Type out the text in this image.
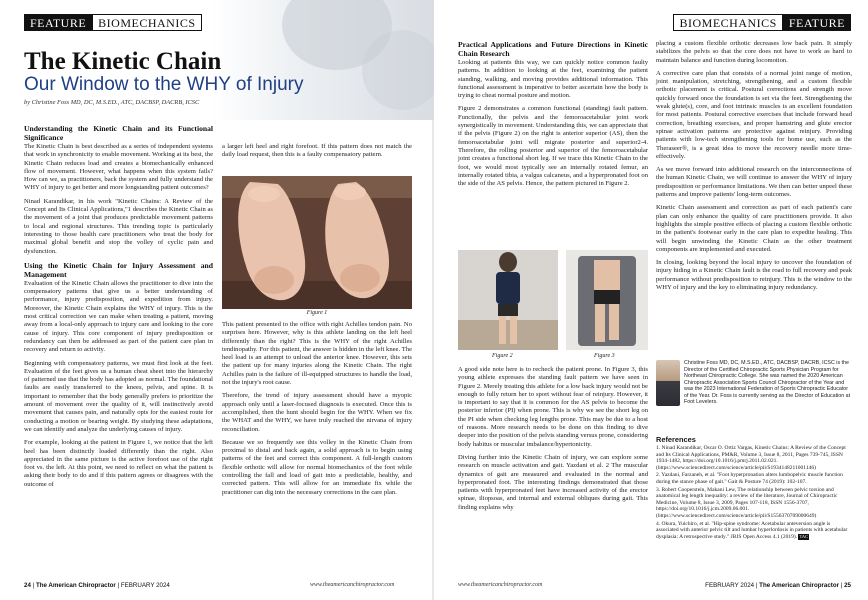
FEATURE	BIOMECHANICS
The Kinetic Chain
Our Window to the WHY of Injury
by Christine Foss MD, DC, M.S.ED., ATC, DACBSP, DACRB, ICSC
Understanding the Kinetic Chain and its Functional Significance

The Kinetic Chain is best described as a series of independent systems that work in synchronicity to enable movement. Working at its best, the Kinetic Chain reduces load and creates a biomechanically enhanced flow of movement. However, what happens when this system fails? How can we, as practitioners, back the system and fully understand the WHY of injury to get better and more longstanding patient outcomes?

Ninad Karandikar, in his work "Kinetic Chains: A Review of the Concept and Its Clinical Applications,"1 describes the Kinetic Chain as the movement of a joint that produces predictable movement patterns to local and regional structures. This trending topic is particularly interesting to those health care practitioners who treat the body for maximal global benefit and stop the volley of cyclic pain and dysfunction.

Using the Kinetic Chain for Injury Assessment and Management

Evaluation of the Kinetic Chain allows the practitioner to dive into the compensatory patterns that give us a better understanding of performance, injury predisposition, and expedition from injury. Moreover, the Kinetic Chain explains the WHY of injury. This is the most critical correction we can make when treating a patient, moving away from a local-only approach to injury care and looking to the core cause of injury. This core component of injury predisposition or redundancy can then be addressed as part of the patient care plan in recovery and return to activity.

Beginning with compensatory patterns, we must first look at the feet. Evaluation of the feet gives us a human cheat sheet into the hierarchy of patterned use that the body has adopted as normal. The foundational faults are easily transferred to the knees, pelvis, and spine. It is important to remember that the body generally prefers to prioritize the amount of movement over the quality of it, will instinctively avoid movement that causes pain, and naturally opts for the easiest route for conducting a motion or bearing weight. By studying these adaptations, we can identify and analyze the underlying causes of injury.

For example, looking at the patient in Figure 1, we notice that the left heel has been distinctly loaded differently than the right. Also appreciated in the same picture is the active forefoot use of the right foot vs. the left. At this point, we need to reflect on what the patient is asking their body to do and if this pattern agrees or disagrees with the outcome of

a larger left heel and right forefoot. If this pattern does not match the daily load request, then this is a faulty compensatory pattern.

Figure 1

This patient presented to the office with right Achilles tendon pain. No surprises here. However, why is this athlete landing on the left heel differently than the right? This is the WHY of the right Achilles tendinopathy. For this patient, the answer is hidden in the left knee. The heel load is an attempt to unload the anterior knee. However, this sets the patient up for many injuries along the Kinetic Chain. The right Achilles pain is the failure of ill-equipped structures to handle the load, not the injury's root cause.

Therefore, the trend of injury assessment should have a myopic approach only until a laser-focused diagnosis is executed. Once this is accomplished, then the hunt should begin for the WHY. When we fix the WHAT and the WHY, we have truly reached the nirvana of injury reconciliation.

Because we so frequently see this volley in the Kinetic Chain from proximal to distal and back again, a solid approach is to begin using patterns of the feet and correct this component. A full-length custom flexible orthotic will allow for normal biomechanics of the foot while controlling the fall and load of gait into a predictable, healthy, and corrected pattern. This will allow for an immediate fix while the practitioner can dig into the necessary corrections in the care plan.

24 | The American Chiropractor | FEBRUARY 2024	www.theamericanchiropractor.com
BIOMECHANICS	FEATURE
Practical Applications and Future Directions in Kinetic Chain Research

Looking at patients this way, we can quickly notice common faulty patterns. In addition to looking at the feet, examining the patient standing, walking, and moving provides additional information. This functional assessment is imperative to better ascertain how the body is trying to cheat normal posture and motion.

Figure 2 demonstrates a common functional (standing) fault pattern. Functionally, the pelvis and the femoroacetabular joint work synergistically in movement. Understanding this, we can appreciate that if the pelvis (Figure 2) on the right is anterior superior (AS), then the femoroacetabular joint will migrate posterior and superior2-4. Therefore, the rolling posterior and superior of the femoroacetabular joint creates a functional short leg. If we trace this Kinetic Chain to the foot, we would most typically see an internally rotated femur, an internally rotated tibia, a valgus calcaneus, and a hyperpronated foot on the side of the AS pelvis. Hence, the pattern pictured in Figure 2.

Figure 2	Figure 3

A good side note here is to recheck the patient prone. In Figure 3, this young athlete expresses the standing fault pattern we have seen in Figure 2. Merely treating this athlete for a low back injury would not be enough to fully return her to sport without fear of reinjury. However, it is important to say that it is common for the AS pelvis to become the posterior inferior (PI) when prone. This is why we see the short leg on the PI side when checking leg lengths prone. This may be due to a host of reasons. More research needs to be done on this finding to dive deeper into the position of the pelvis standing versus prone, considering body habitus or muscular imbalance/hypertonicity.

Diving further into the Kinetic Chain of injury, we can explore some research on muscle activation and gait. Yazdani et al. 2 The muscular dynamics of gait are measured and evaluated in the normal and hyperpronated foot. The interesting findings demonstrated that those patients with hyperpronated feet have increased activity of the erector spinae, iliopsoas, and internal and external obliques during gait. This finding explains why

placing a custom flexible orthotic decreases low back pain. It simply stabilizes the pelvis so that the core does not have to work as hard to maintain balance and function during locomotion.

A corrective care plan that consists of a normal joint range of motion, joint manipulation, stretching, strengthening, and a custom flexible orthotic placement is critical. Postural corrections and strength move quickly forward once the foundation is set via the feet. Strengthening the weak glute(s), core, and foot intrinsic muscles is an excellent foundation for most patients. Postural corrective exercises that include forward head correction, breathing exercises, and proper hamstring and glute erector spinae activation patterns are protective against reinjury. Providing patients with low-tech strengthening tools for home use, such as the Theraseer®, is a great idea to move the recovery needle more time-effectively.

As we move forward into additional research on the interconnections of the human Kinetic Chain, we will continue to answer the WHY of injury predisposition or performance limitations. We then can better unpeel these patterns and improve patients' long-term outcomes.

Kinetic Chain assessment and correction as part of each patient's care plan can only enhance the quality of care practitioners provide. It also highlights the simple positive effects of placing a custom flexible orthotic in the patient's footwear early in the care plan to expedite healing. This will begin unwinding the Kinetic Chain as the other treatment components are implemented and executed.

In closing, looking beyond the local injury to uncover the foundation of injury hiding in a Kinetic Chain fault is the road to full recovery and peak performance without predisposition to reinjury. This is the window to the WHY of injury and the key to eliminating injury redundancy.

Christine Foss MD, DC, M.S.ED., ATC, DACBSP, DACRB, ICSC is the Director of the Certified Chiropractic Sports Physician Program for Northeast Chiropractic College. She was named the 2020 American Chiropractic Association Sports Council Chiropractor of the Year and was the 2023 International Federation of Sports Chiropractic Educator of the Year. Dr. Foss is currently serving as the Director of Education at Foot Levelers.
References
1. Ninad Karandikar, Oscar O. Ortiz Vargas, Kinetic Chains: A Review of the Concept and Its Clinical Applications, PM&R, Volume 3, Issue 8, 2011, Pages 739-745, ISSN 1934-1482, https://doi.org/10.1016/j.pmrj.2011.02.021. (https://www.sciencedirect.com/science/article/pii/S1934148211001146)
2. Yazdani, Farzaneh, et al. "Foot hyperpronation alters lumbopelvic muscle function during the stance phase of gait." Gait & Posture 74 (2019): 102-107.
3. Robert Cooperstein, Makani Lew, The relationship between pelvic torsion and anatomical leg length inequality: a review of the literature, Journal of Chiropractic Medicine, Volume 8, Issue 3, 2009, Pages 107-118, ISSN 1556-3707, https://doi.org/10.1016/j.jcm.2009.06.001. (https://www.sciencedirect.com/science/article/pii/S1556370709000649)
4. Okura, Yuichiro, et al. "Hip-spine syndrome: Acetabular anteversion angle is associated with anterior pelvic tilt and lumbar hyperlordosis in patients with acetabular dysplasia: A retrospective study." JBJS Open Access 4.1 (2019). TAC
www.theamericanchiropractor.com	FEBRUARY 2024 | The American Chiropractor | 25
